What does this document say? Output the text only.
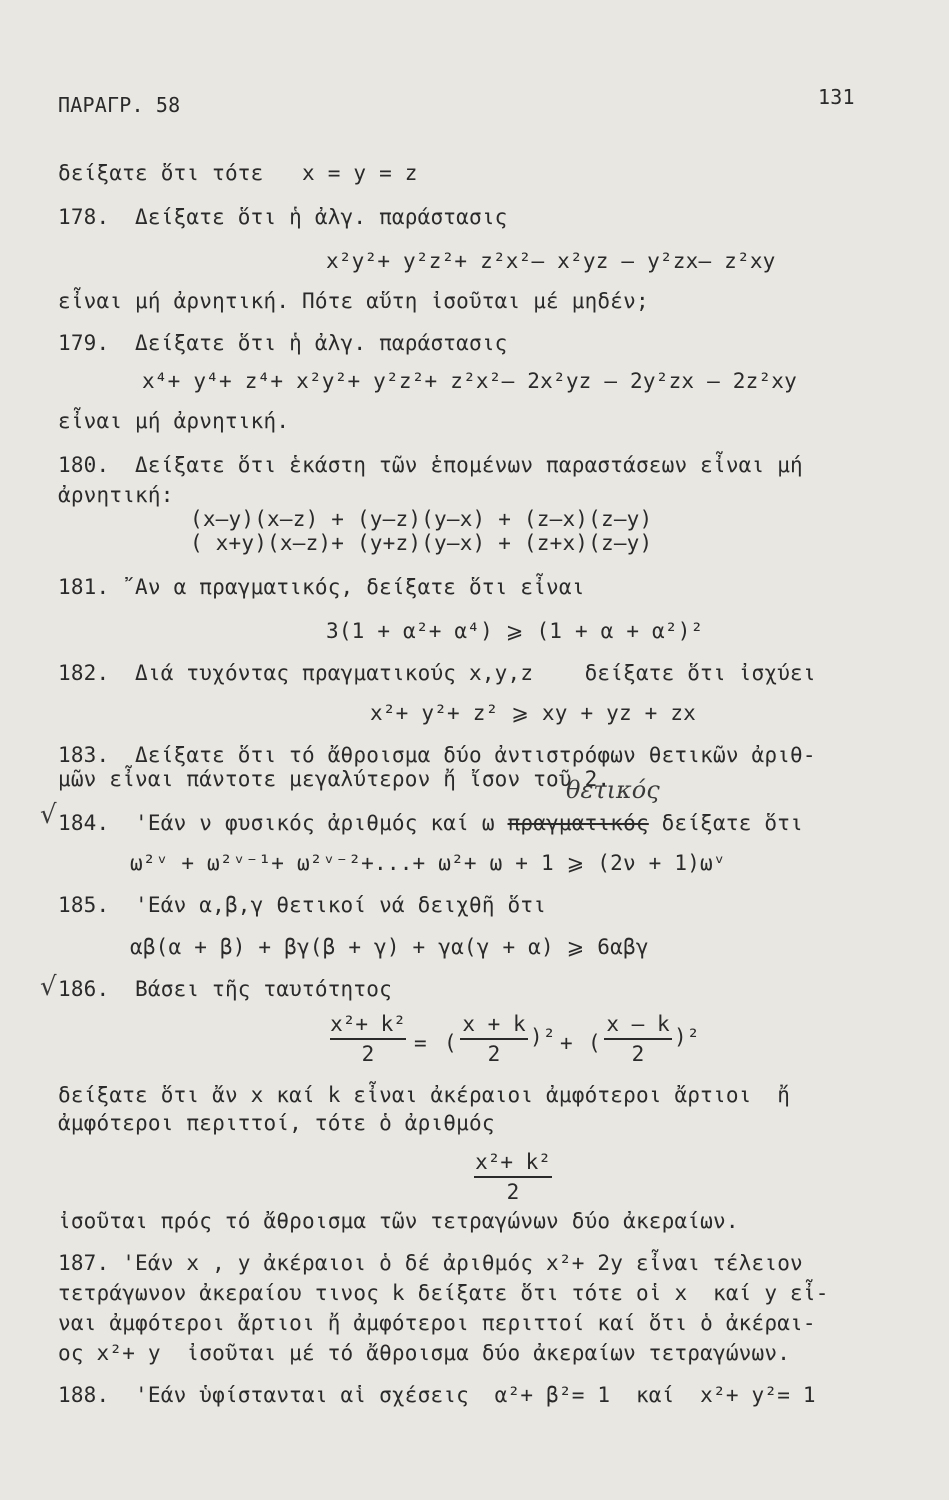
ΠΑΡΑΓΡ. 58	131
δείξατε ὅτι τότε   x = y = z
178.  Δείξατε ὅτι ἡ ἀλγ. παράστασις
x²y²+ y²z²+ z²x²– x²yz – y²zx– z²xy
εἶναι μή ἀρνητική. Πότε αὕτη ἰσοῦται μέ μηδέν;
179.  Δείξατε ὅτι ἡ ἀλγ. παράστασις
x⁴+ y⁴+ z⁴+ x²y²+ y²z²+ z²x²– 2x²yz – 2y²zx – 2z²xy
εἶναι μή ἀρνητική.
180.  Δείξατε ὅτι ἑκάστη τῶν ἑπομένων παραστάσεων εἶναι μή
ἀρνητική:
(x–y)(x–z) + (y–z)(y–x) + (z–x)(z–y)
( x+y)(x–z)+ (y+z)(y–x) + (z+x)(z–y)
181. ῎Αν α πραγματικός, δείξατε ὅτι εἶναι
3(1 + α²+ α⁴) ⩾ (1 + α + α²)²
182.  Διά τυχόντας πραγματικούς x,y,z    δείξατε ὅτι ἰσχύει
x²+ y²+ z² ⩾ xy + yz + zx
183.  Δείξατε ὅτι τό ἄθροισμα δύο ἀντιστρόφων θετικῶν ἀριθ-
μῶν εἶναι πάντοτε μεγαλύτερον ἤ ἴσον τοῦ 2.
√ 184.  'Εάν ν φυσικός ἀριθμός καί ω πραγματικός δείξατε ὅτι
θετικός
ω²ᵛ + ω²ᵛ⁻¹+ ω²ᵛ⁻²+...+ ω²+ ω + 1 ⩾ (2ν + 1)ωᵛ
185.  'Εάν α,β,γ θετικοί νά δειχθῆ ὅτι
αβ(α + β) + βγ(β + γ) + γα(γ + α) ⩾ 6αβγ
√ 186.  Βάσει τῆς ταυτότητος
x²+ k²
2	= (
x + k
2
)² + (
x – k
2
)²
δείξατε ὅτι ἄν x καί k εἶναι ἀκέραιοι ἀμφότεροι ἄρτιοι  ἤ
ἀμφότεροι περιττοί, τότε ὁ ἀριθμός
x²+ k²
2
ἰσοῦται πρός τό ἄθροισμα τῶν τετραγώνων δύο ἀκεραίων.
187. 'Εάν x , y ἀκέραιοι ὁ δέ ἀριθμός x²+ 2y εἶναι τέλειον
τετράγωνον ἀκεραίου τινος k δείξατε ὅτι τότε οἱ x  καί y εἶ-
ναι ἀμφότεροι ἄρτιοι ἤ ἀμφότεροι περιττοί καί ὅτι ὁ ἀκέραι-
ος x²+ y  ἰσοῦται μέ τό ἄθροισμα δύο ἀκεραίων τετραγώνων.
188.  'Εάν ὑφίστανται αἱ σχέσεις  α²+ β²= 1  καί  x²+ y²= 1
